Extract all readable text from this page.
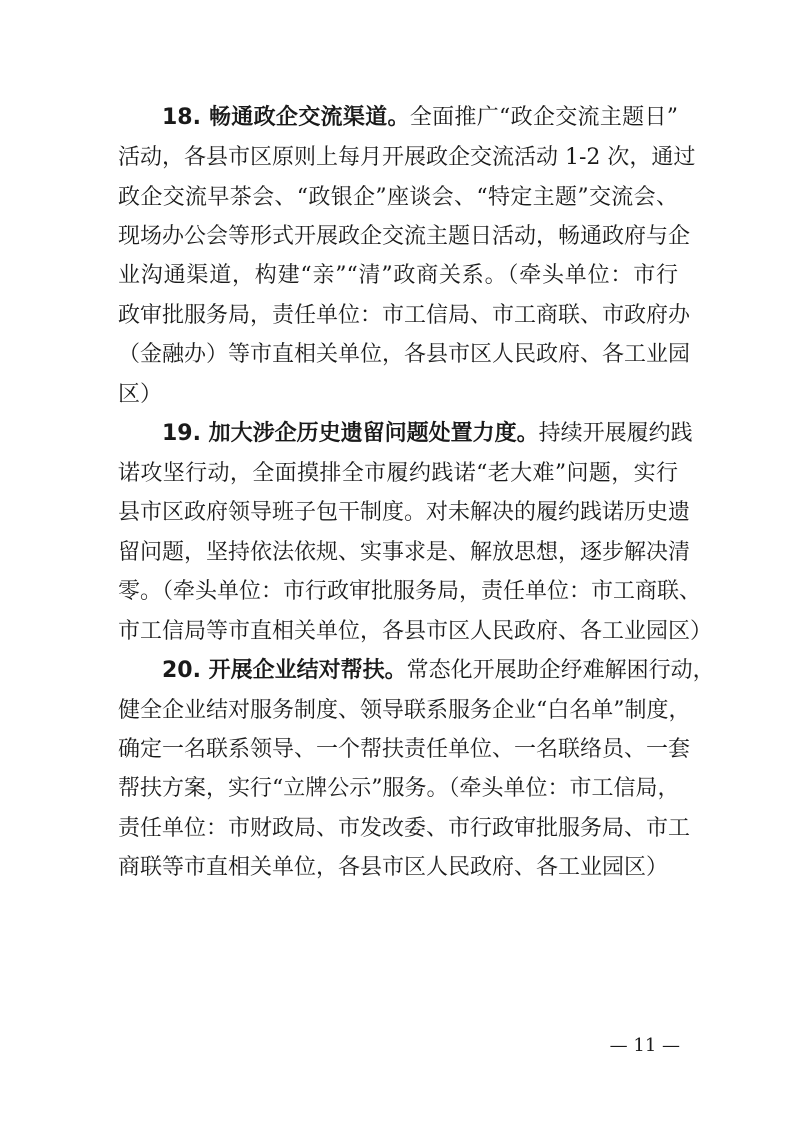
18. 畅通政企交流渠道。全面推广“政企交流主题日”
活动，各县市区原则上每月开展政企交流活动 1-2 次，通过
政企交流早茶会、“政银企”座谈会、“特定主题”交流会、
现场办公会等形式开展政企交流主题日活动，畅通政府与企
业沟通渠道，构建“亲”“清”政商关系。（牵头单位：市行
政审批服务局，责任单位：市工信局、市工商联、市政府办
（金融办）等市直相关单位，各县市区人民政府、各工业园
区）
19. 加大涉企历史遗留问题处置力度。持续开展履约践
诺攻坚行动，全面摸排全市履约践诺“老大难”问题，实行
县市区政府领导班子包干制度。对未解决的履约践诺历史遗
留问题，坚持依法依规、实事求是、解放思想，逐步解决清
零。（牵头单位：市行政审批服务局，责任单位：市工商联、
市工信局等市直相关单位，各县市区人民政府、各工业园区）
20. 开展企业结对帮扶。常态化开展助企纾难解困行动，
健全企业结对服务制度、领导联系服务企业“白名单”制度，
确定一名联系领导、一个帮扶责任单位、一名联络员、一套
帮扶方案，实行“立牌公示”服务。（牵头单位：市工信局，
责任单位：市财政局、市发改委、市行政审批服务局、市工
商联等市直相关单位，各县市区人民政府、各工业园区）
— 11 —
